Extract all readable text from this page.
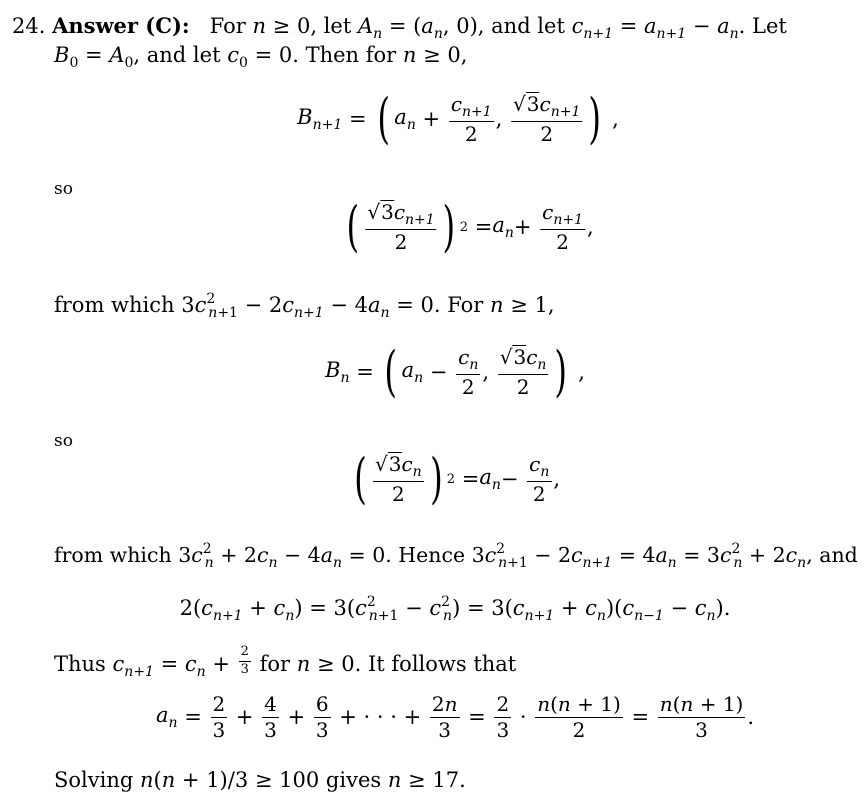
24. Answer (C): For n ≥ 0, let $A_n = (a_n$, 0), and let $c_{n+1} = a_{n+1} - a_n$. Let
$B_0 = A_0$, and let $c_0 = 0$. Then for n ≥ 0,
$B_{n+1}$ = ( $a_n + \frac{c_{n+1}}{2}$ , $\frac{√3c_{n+1}}{2}$ ) ,
so
( $\frac{√3c_{n+1}}{2}$ ) $2 = a_n + \frac{c_{n+1}}{2}$ ,
from which $3c^2_{n+1} - 2c_{n+1} - 4a_n = 0$. For n ≥ 1,
$B_n$ = ( $a_n - \frac{c_n}{2}$ , $\frac{√3c_n}{2}$ ) ,
so
( $\frac{√3c_n}{2}$ ) $2 = a_n - \frac{c_n}{2}$ ,
from which $3c^2_n + 2c_n - 4a_n = 0$. Hence $3c^2_{n+1} - 2c_{n+1} = 4a_n = 3c^2_n + 2c_n$, and
$2(c_{n+1} + c_n) = 3(c^2_{n+1} - c^2_n) = 3(c_{n+1} + c_n)(c_{n-1} - c_n)$.
Thus $c_{n+1} = c_n + \frac{2}{3}$ for n ≥ 0. It follows that
$a_n = \frac{2}{3} + \frac{4}{3} + \frac{6}{3}$ + · · · + $\frac{2n}{3} = \frac{2}{3} \cdot \frac{n(n + 1)}{2} = \frac{n(n + 1)}{3}$ .
Solving n(n + 1)/3 ≥ 100 gives n ≥ 17.
